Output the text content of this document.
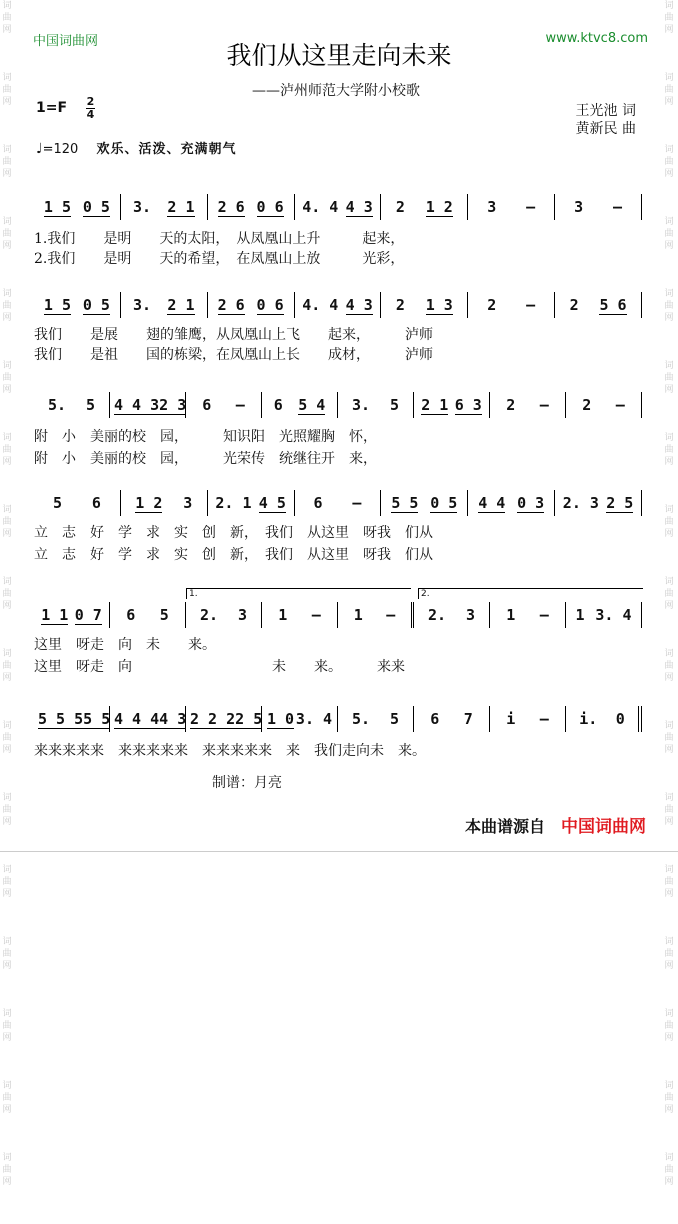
词
曲
网
词
曲
网
词
曲
网
词
曲
网
词
曲
网
词
曲
网
词
曲
网
词
曲
网
词
曲
网
词
曲
网
词
曲
网
词
曲
网
词
曲
网
词
曲
网
词
曲
网
词
曲
网
词
曲
网
词
曲
网
词
曲
网
词
曲
网
词
曲
网
词
曲
网
词
曲
网
词
曲
网
词
曲
网
词
曲
网
词
曲
网
词
曲
网
词
曲
网
词
曲
网
词
曲
网
词
曲
网
词
曲
网
词
曲
网
中国词曲网	www.ktvc8.com
我们从这里走向未来
——泸州师范大学附小校歌
1=F 2
4	王光池 词
黄新民 曲
♩=120 欢乐、活泼、充满朝气
1 5 0 5 3. 2 1 2 6 0 6 4. 4 4 3 2 1 2 3 –	3 –
1.我们　　是明　　天的太阳，　从凤凰山上升　　　起来，
2.我们　　是明　　天的希望，　在凤凰山上放　　　光彩，
1 5 0 5 3. 2 1 2 6 0 6 4. 4 4 3 2 1 3 2 – 2 5 6
我们　　是展　　翅的雏鹰，从凤凰山上飞　　起来，　　　泸师
我们　　是祖　　国的栋梁，在凤凰山上长　　成材，　　　泸师
5. 5 4 4 3 2 3 6 – 6 5 4 3. 5 2 1 6 3 2 – 2 –
附　小　美丽的校　园，　　　知识阳　光照耀胸　怀，
附　小　美丽的校　园，　　　光荣传　统继往开　来，
5 6 1 2 3 2. 1 4 5 6 – 5 5 0 5 4 4 0 3 2. 3 2 5
立　志　好　学　求　实　创　新，　我们　从这里　呀我　们从
立　志　好　学　求　实　创　新，　我们　从这里　呀我　们从
1 1 0 7 6 5 2. 3 1 – 1 – 2. 3 1 – 1 3. 4
1.	2.
这里　呀走　向　未　　来。
这里　呀走　向　　　　　　　　　　未　　来。　　　来来
5 5 5 5 5 4 4 4 4 3 2 2 2 2 5 1 0 3. 4 5. 5 6 7 i – i. 0
来来来来来　来来来来来　来来来来来　来　我们走向未　来。
制谱：月亮
本曲谱源自 中国词曲网
